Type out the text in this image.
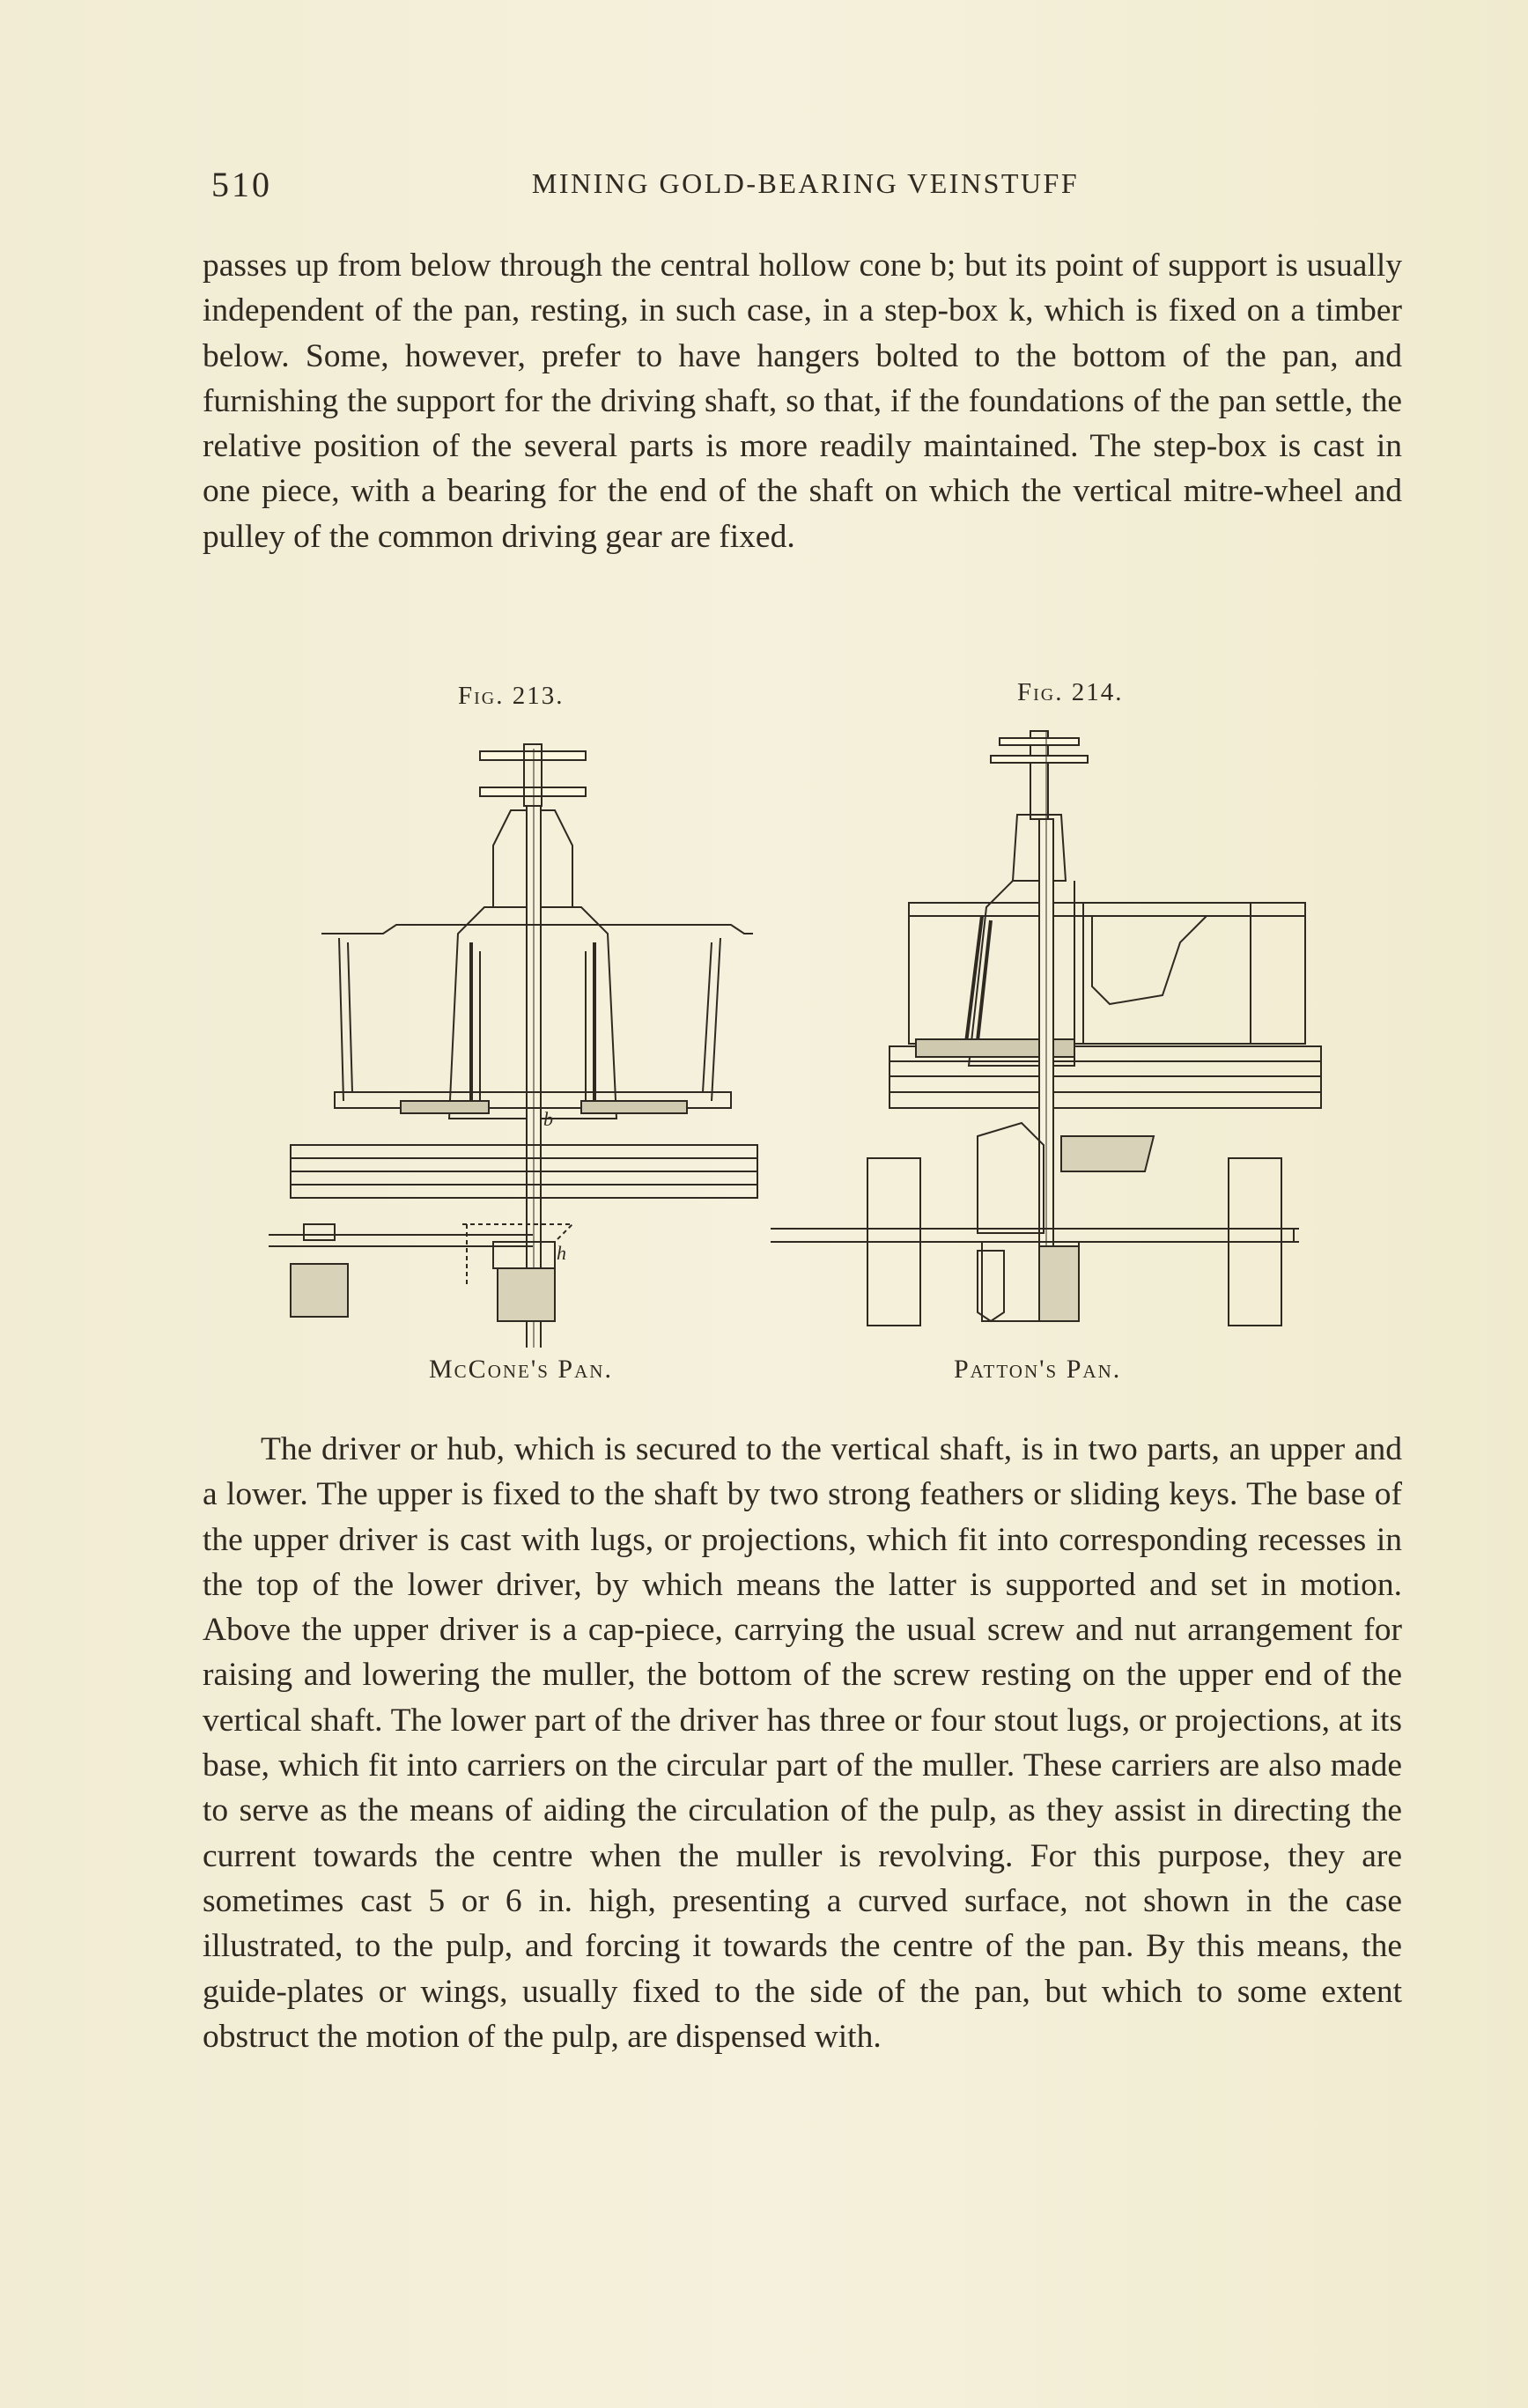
510	MINING GOLD-BEARING VEINSTUFF

passes up from below through the central hollow cone b; but its point of support is usually independent of the pan, resting, in such case, in a step-box k, which is fixed on a timber below. Some, however, prefer to have hangers bolted to the bottom of the pan, and furnishing the support for the driving shaft, so that, if the foundations of the pan settle, the relative position of the several parts is more readily maintained. The step-box is cast in one piece, with a bearing for the end of the shaft on which the vertical mitre-wheel and pulley of the common driving gear are fixed.

Fig. 213.	Fig. 214.
b
h
McCone's Pan.	Patton's Pan.

The driver or hub, which is secured to the vertical shaft, is in two parts, an upper and a lower. The upper is fixed to the shaft by two strong feathers or sliding keys. The base of the upper driver is cast with lugs, or projections, which fit into corresponding recesses in the top of the lower driver, by which means the latter is supported and set in motion. Above the upper driver is a cap-piece, carrying the usual screw and nut arrangement for raising and lowering the muller, the bottom of the screw resting on the upper end of the vertical shaft. The lower part of the driver has three or four stout lugs, or projections, at its base, which fit into carriers on the circular part of the muller. These carriers are also made to serve as the means of aiding the circulation of the pulp, as they assist in directing the current towards the centre when the muller is revolving. For this purpose, they are sometimes cast 5 or 6 in. high, presenting a curved surface, not shown in the case illustrated, to the pulp, and forcing it towards the centre of the pan. By this means, the guide-plates or wings, usually fixed to the side of the pan, but which to some extent obstruct the motion of the pulp, are dispensed with.
